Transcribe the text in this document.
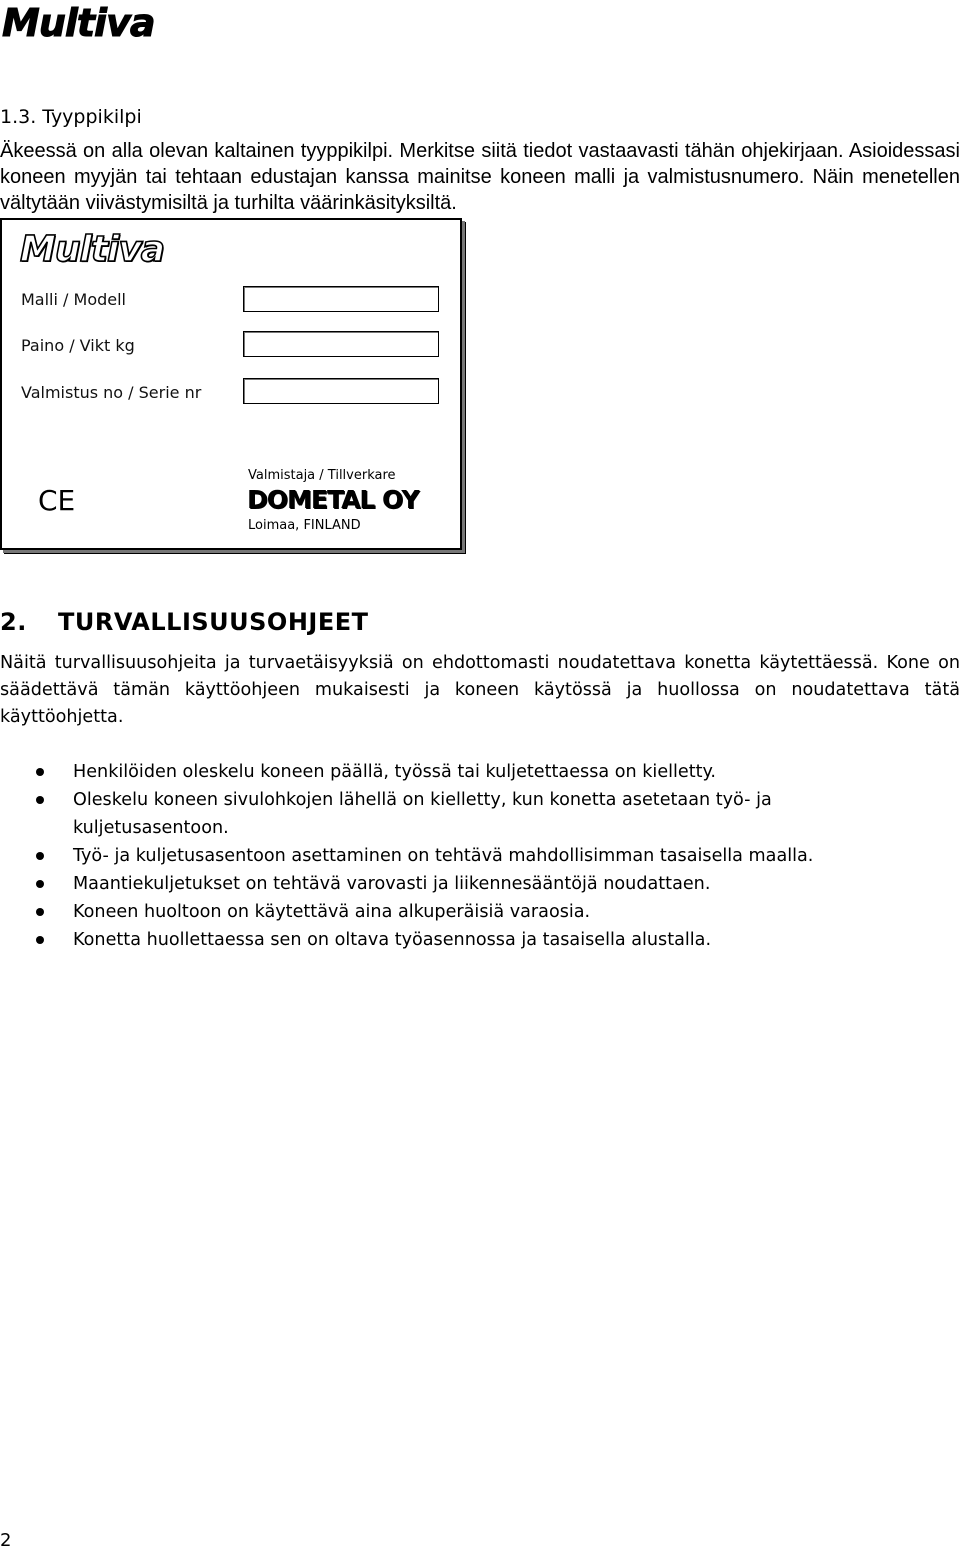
Multiva
1.3. Tyyppikilpi

Äkeessä on alla olevan kaltainen tyyppikilpi. Merkitse siitä tiedot vastaavasti tähän ohjekirjaan. Asioidessasi koneen myyjän tai tehtaan edustajan kanssa mainitse koneen malli ja valmistusnumero. Näin menetellen vältytään viivästymisiltä ja turhilta väärinkäsityksiltä.

Multiva
Malli / Modell
Paino / Vikt kg
Valmistus no / Serie nr
CE
Valmistaja / Tillverkare
DOMETAL OY
Loimaa, FINLAND
2. TURVALLISUUSOHJEET

Näitä turvallisuusohjeita ja turvaetäisyyksiä on ehdottomasti noudatettava konetta käytettäessä. Kone on säädettävä tämän käyttöohjeen mukaisesti ja koneen käytössä ja huollossa on noudatettava tätä käyttöohjetta.

Henkilöiden oleskelu koneen päällä, työssä tai kuljetettaessa on kielletty.
Oleskelu koneen sivulohkojen lähellä on kielletty, kun konetta asetetaan työ- ja kuljetusasentoon.
Työ- ja kuljetusasentoon asettaminen on tehtävä mahdollisimman tasaisella maalla.
Maantiekuljetukset on tehtävä varovasti ja liikennesääntöjä noudattaen.
Koneen huoltoon on käytettävä aina alkuperäisiä varaosia.
Konetta huollettaessa sen on oltava työasennossa ja tasaisella alustalla.
2
